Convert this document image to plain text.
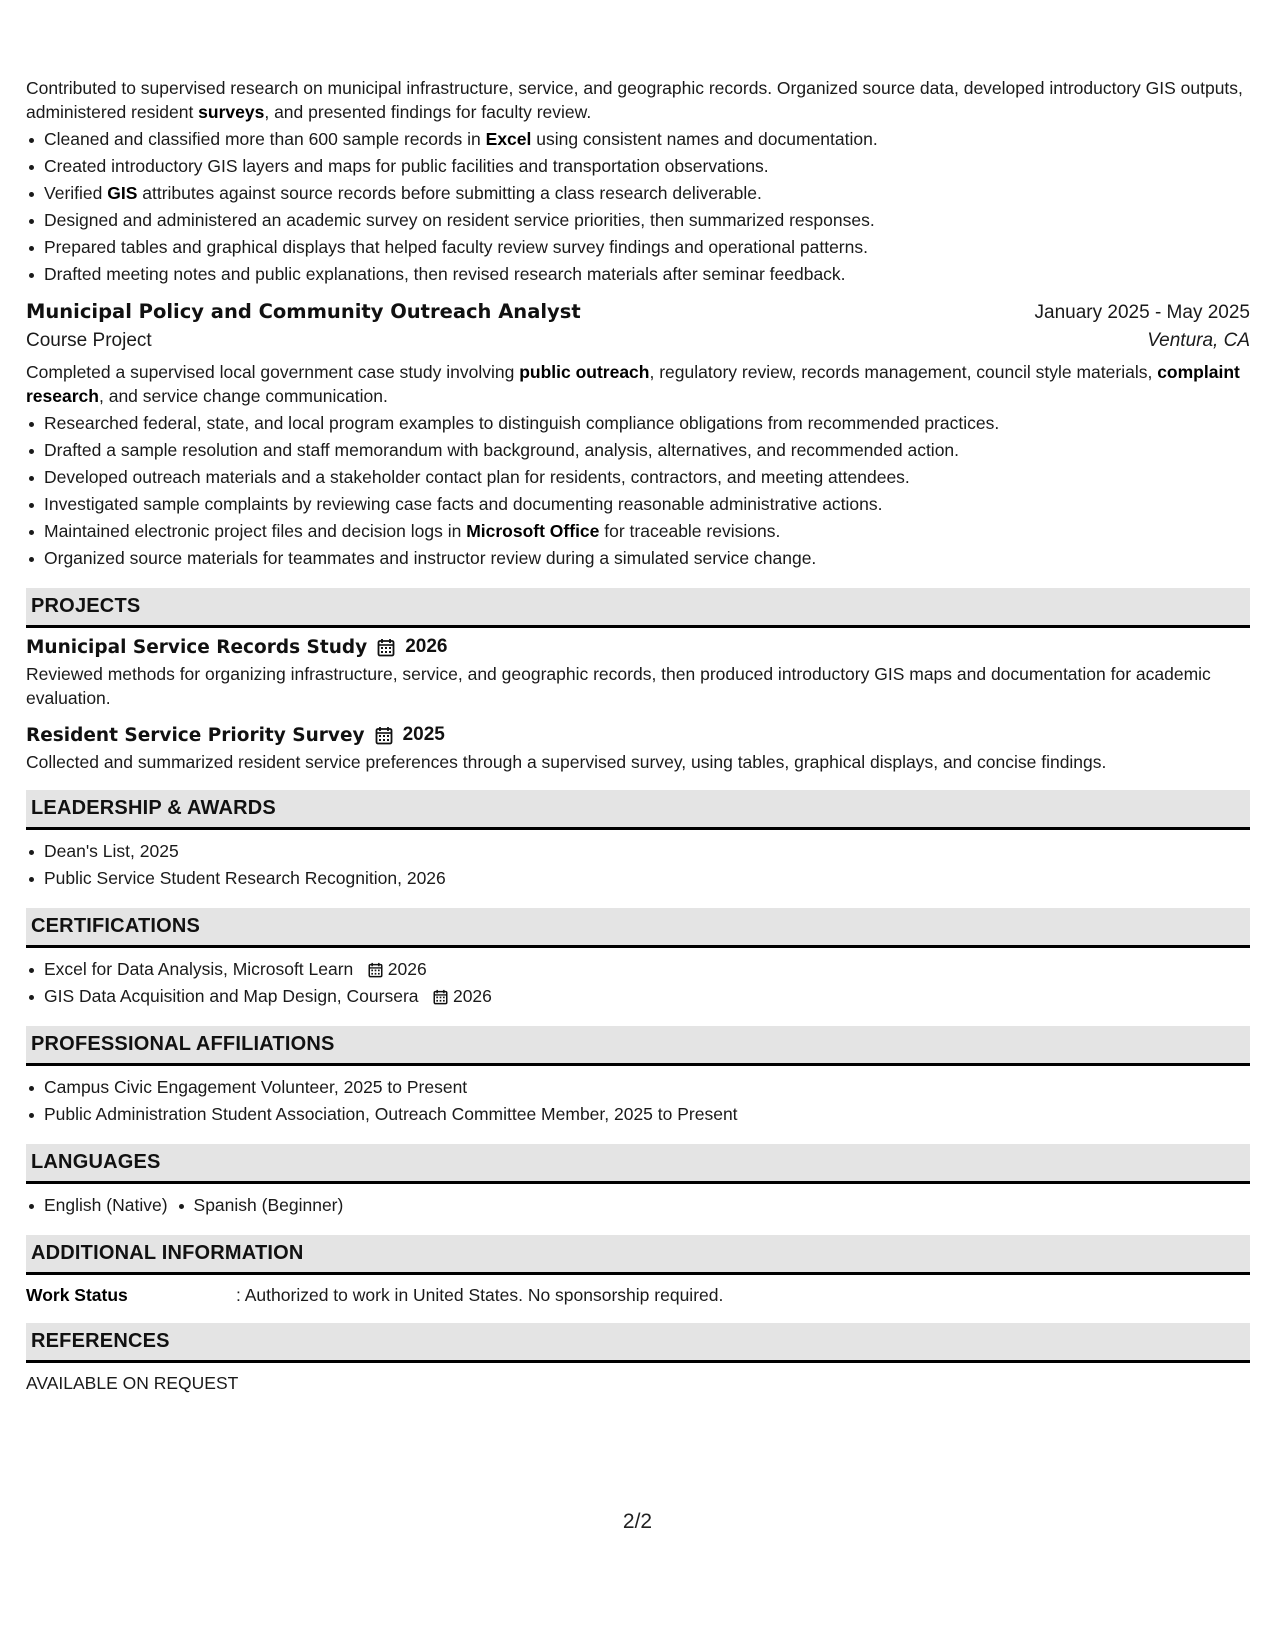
Contributed to supervised research on municipal infrastructure, service, and geographic records. Organized source data, developed introductory GIS outputs, administered resident surveys, and presented findings for faculty review.

Cleaned and classified more than 600 sample records in Excel using consistent names and documentation.
Created introductory GIS layers and maps for public facilities and transportation observations.
Verified GIS attributes against source records before submitting a class research deliverable.
Designed and administered an academic survey on resident service priorities, then summarized responses.
Prepared tables and graphical displays that helped faculty review survey findings and operational patterns.
Drafted meeting notes and public explanations, then revised research materials after seminar feedback.
Municipal Policy and Community Outreach Analyst	January 2025 - May 2025
Course Project	Ventura, CA

Completed a supervised local government case study involving public outreach, regulatory review, records management, council style materials, complaint research, and service change communication.

Researched federal, state, and local program examples to distinguish compliance obligations from recommended practices.
Drafted a sample resolution and staff memorandum with background, analysis, alternatives, and recommended action.
Developed outreach materials and a stakeholder contact plan for residents, contractors, and meeting attendees.
Investigated sample complaints by reviewing case facts and documenting reasonable administrative actions.
Maintained electronic project files and decision logs in Microsoft Office for traceable revisions.
Organized source materials for teammates and instructor review during a simulated service change.
PROJECTS
Municipal Service Records Study 2026

Reviewed methods for organizing infrastructure, service, and geographic records, then produced introductory GIS maps and documentation for academic evaluation.

Resident Service Priority Survey 2025

Collected and summarized resident service preferences through a supervised survey, using tables, graphical displays, and concise findings.

LEADERSHIP & AWARDS
Dean's List, 2025
Public Service Student Research Recognition, 2026
CERTIFICATIONS
Excel for Data Analysis, Microsoft Learn 2026
GIS Data Acquisition and Map Design, Coursera 2026
PROFESSIONAL AFFILIATIONS
Campus Civic Engagement Volunteer, 2025 to Present
Public Administration Student Association, Outreach Committee Member, 2025 to Present
LANGUAGES
English (Native) Spanish (Beginner)
ADDITIONAL INFORMATION
Work Status	: Authorized to work in United States. No sponsorship required.
REFERENCES

AVAILABLE ON REQUEST

2/2
